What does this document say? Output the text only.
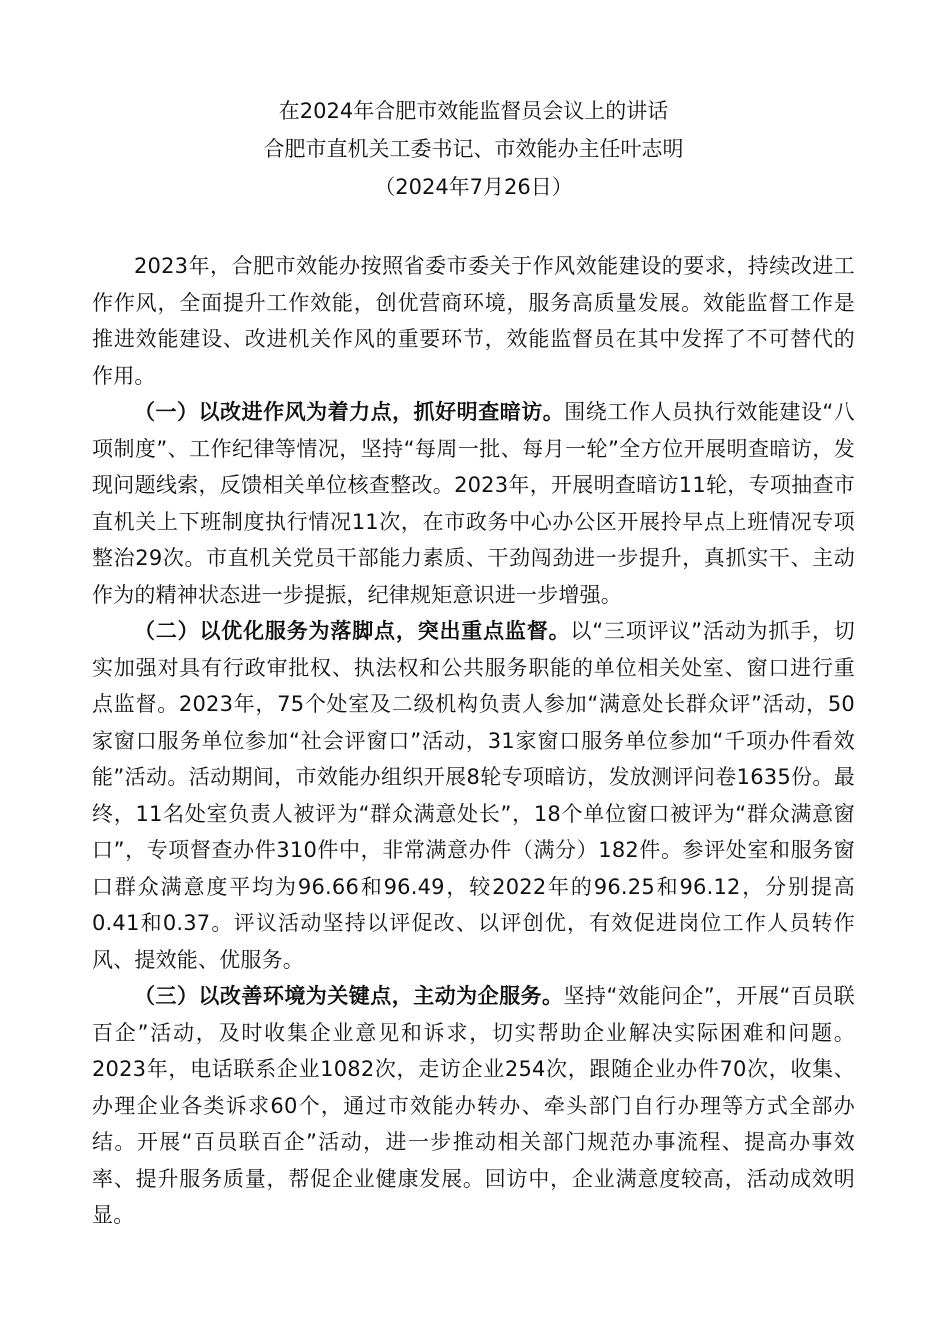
在2024年合肥市效能监督员会议上的讲话
合肥市直机关工委书记、市效能办主任叶志明
（2024年7月26日）

2023年，合肥市效能办按照省委市委关于作风效能建设的要求，持续改进工作作风，全面提升工作效能，创优营商环境，服务高质量发展。效能监督工作是推进效能建设、改进机关作风的重要环节，效能监督员在其中发挥了不可替代的作用。

（一）以改进作风为着力点，抓好明查暗访。围绕工作人员执行效能建设“八项制度”、工作纪律等情况，坚持“每周一批、每月一轮”全方位开展明查暗访，发现问题线索，反馈相关单位核查整改。2023年，开展明查暗访11轮，专项抽查市直机关上下班制度执行情况11次，在市政务中心办公区开展拎早点上班情况专项整治29次。市直机关党员干部能力素质、干劲闯劲进一步提升，真抓实干、主动作为的精神状态进一步提振，纪律规矩意识进一步增强。

（二）以优化服务为落脚点，突出重点监督。以“三项评议”活动为抓手，切实加强对具有行政审批权、执法权和公共服务职能的单位相关处室、窗口进行重点监督。2023年，75个处室及二级机构负责人参加“满意处长群众评”活动，50家窗口服务单位参加“社会评窗口”活动，31家窗口服务单位参加“千项办件看效能”活动。活动期间，市效能办组织开展8轮专项暗访，发放测评问卷1635份。最终，11名处室负责人被评为“群众满意处长”，18个单位窗口被评为“群众满意窗口”，专项督查办件310件中，非常满意办件（满分）182件。参评处室和服务窗口群众满意度平均为96.66和96.49，较2022年的96.25和96.12，分别提高0.41和0.37。评议活动坚持以评促改、以评创优，有效促进岗位工作人员转作风、提效能、优服务。

（三）以改善环境为关键点，主动为企服务。坚持“效能问企”，开展“百员联百企”活动，及时收集企业意见和诉求，切实帮助企业解决实际困难和问题。2023年，电话联系企业1082次，走访企业254次，跟随企业办件70次，收集、办理企业各类诉求60个，通过市效能办转办、牵头部门自行办理等方式全部办结。开展“百员联百企”活动，进一步推动相关部门规范办事流程、提高办事效率、提升服务质量，帮促企业健康发展。回访中，企业满意度较高，活动成效明显。
